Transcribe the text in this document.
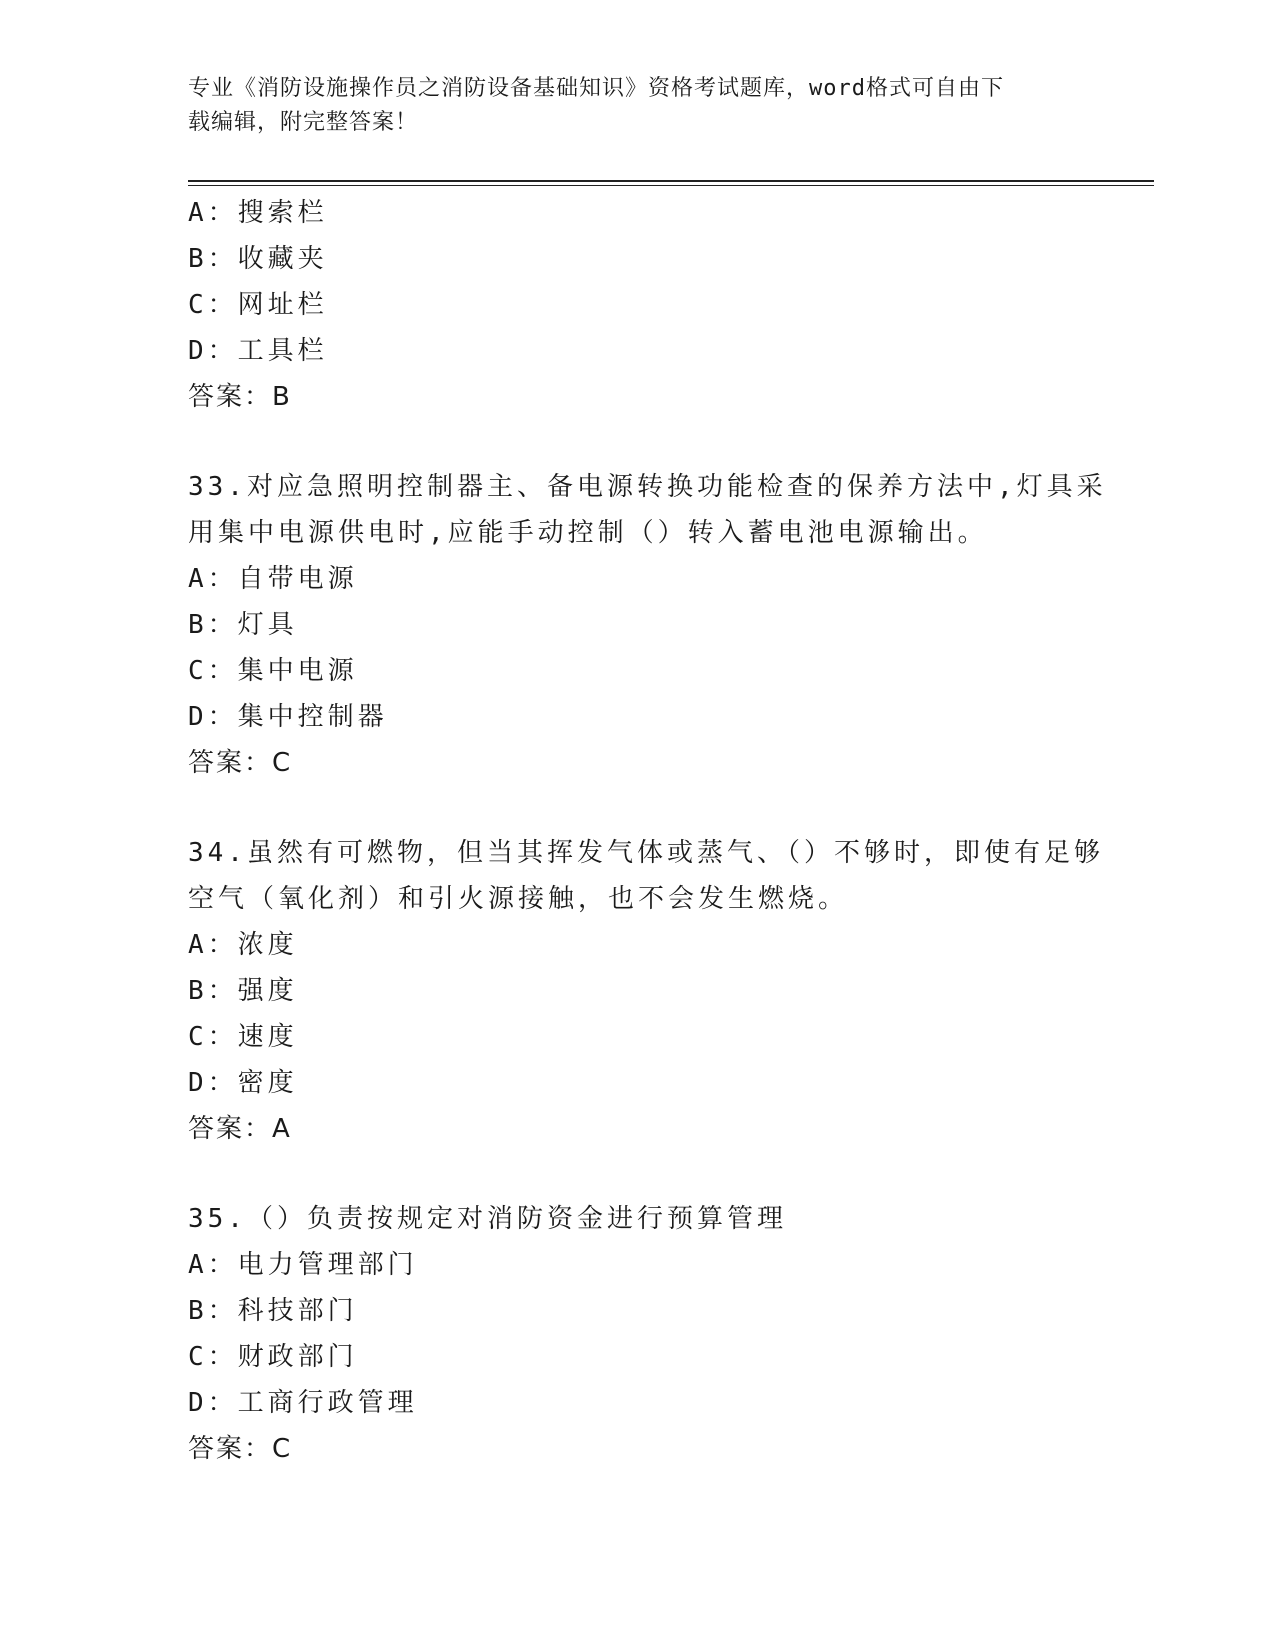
专业《消防设施操作员之消防设备基础知识》资格考试题库，word格式可自由下
载编辑，附完整答案！
A：搜索栏
B：收藏夹
C：网址栏
D：工具栏
答案：B
33.对应急照明控制器主、备电源转换功能检查的保养方法中,灯具采
用集中电源供电时,应能手动控制（）转入蓄电池电源输出。
A：自带电源
B：灯具
C：集中电源
D：集中控制器
答案：C
34.虽然有可燃物，但当其挥发气体或蒸气、（）不够时，即使有足够
空气（氧化剂）和引火源接触，也不会发生燃烧。
A：浓度
B：强度
C：速度
D：密度
答案：A
35.（）负责按规定对消防资金进行预算管理
A：电力管理部门
B：科技部门
C：财政部门
D：工商行政管理
答案：C
